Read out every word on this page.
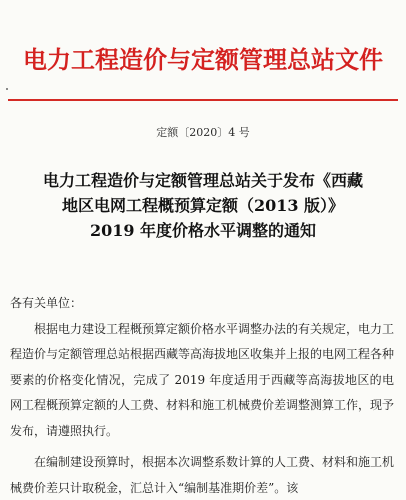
电力工程造价与定额管理总站文件
定额〔2020〕4 号
电力工程造价与定额管理总站关于发布《西藏
地区电网工程概预算定额（2013 版）》
2019 年度价格水平调整的通知

各有关单位：

根据电力建设工程概预算定额价格水平调整办法的有关规定，电力工程造价与定额管理总站根据西藏等高海拔地区收集并上报的电网工程各种要素的价格变化情况，完成了 2019 年度适用于西藏等高海拔地区的电网工程概预算定额的人工费、材料和施工机械费价差调整测算工作，现予发布，请遵照执行。

在编制建设预算时，根据本次调整系数计算的人工费、材料和施工机械费价差只计取税金，汇总计入“编制基准期价差”。该
